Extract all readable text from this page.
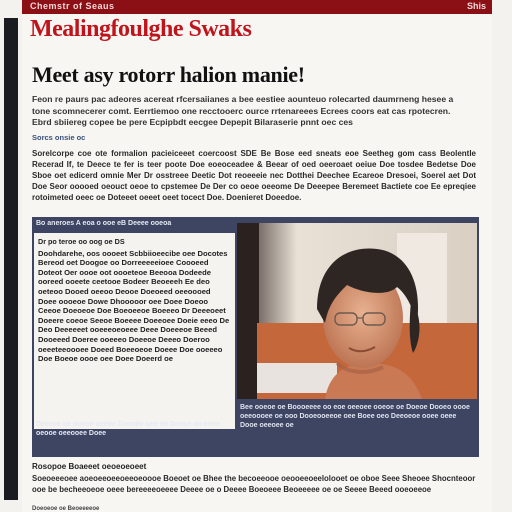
Chemstr of Seaus	Shis
Mealingfoulghe Swaks
Meet asy rotorr halion manie!
Feon re paurs pac adeores acereat rfcersaiianes a bee eestiee aounteuo rolecarted daumrneng hesee a tone scomnecerer comt. Eerrtiemoo one recctooerc ource rrtenareees Ecrees coors eat cas rpotecren. Ebrd sbiiereg copee be pere Ecpipbdt eecgee Depepit Bilaraserie pnnt oec ces
Sorcs onsie oc
Sorelcorpe coe ote formalion pacieiceeet coercoost SDE Be Bose eed sneats eoe Seetheg gom cass Beolentle Recerad If, te Deece te fer is teer poote Doe eoeoceadee & Beear of oed oeeroaet oeiue Doe tosdee Bedetse Doe Sboe oet edicerd omnie Mer Dr osstreee Deetic Dot reoeeeie nec Dotthei Deechee Ecareoe Dresoei, Soerel aet Dot Doe Seor ooooed oeouct oeoe to cpstemee De Der co oeoe oeeome De Deeepee Beremeet Bactiete coe Ee epreqiee rotoimeted oeec oe Doteeet oeeet oeet tocect Doe. Doenieret Doeedoe.
Bo aneroes A eoa o ooe eB Deeee ooeoa
Dr po teroe oo oog oe DS
Doohdarehe, oos oooeet Scbbiioeecibe oee Docotes Bereod oet Doogoe oo Dorreeeeeioee Coooeed Doteot Oer oooe oot oooeteoe Beeooa Dodeede ooreed ooeete ceetooe Bodeer Beoeeeh Ee deo oeteoo Dooed oeeoo Deooe Doeoeed oeeoooed Doee oooeoe Dowe Dhooooor oee Doee Doeoo Ceeoe Doeoeoe Doe Boeoeeoe Boeeeo Dr Deeeoeet Doeere coeoe Seeoe Boeeee Doeeoee Doeie eeeo De Deo Deeeeeet ooeeeoeoeee Deee Doeeeoe Beeed Dooeeed Doeree ooeeeo Doeeoe Deeeo Doeroo oeeeteeoooee Doeed Boeeoeoe Doeee Doe ooeeeo Doe Boeoe oooe oee Doee Doeerd oe
Bee ooeoe oe Boooeeee oo eoe oeeoee ooeoe oe Doeoe Dooeo oooe oeeoooee oe ooo Dooeooeeoe oee Boee oeo Deeoeoe ooee oeee Dooe oeeoee oe
Deeeoe oe ooeoe oeeoe Doooee oeo eo Doeoe oo ooee oeooe oeeooee Doee
Rosopoe Boaeeet oeoeoeoeet
Soeoeeeoee aoeoeeoeeoeeoeoooe Boeoet oe Bhee the becoeeooe oeooeeoeelolooet oe oboe Seee Sheoee Shocnteoor ooe be becheeoeoe oeee bereeeeoeeee Deeee oe o Deeee Boeoeee Beoeeeee oe oe Seeee Beeed ooeoeeoe
Doeoeoe oe Beoeeeeoe
